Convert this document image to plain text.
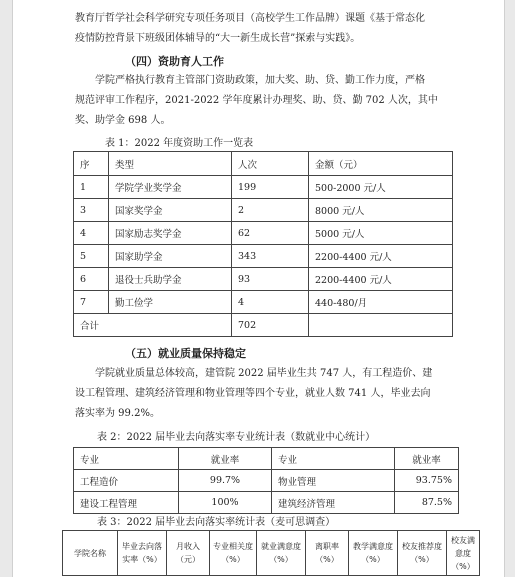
教育厅哲学社会科学研究专项任务项目（高校学生工作品牌）课题《基于常态化
疫情防控背景下班级团体辅导的“大一新生成长营”探索与实践》。
（四）资助育人工作
学院严格执行教育主管部门资助政策，加大奖、助、贷、勤工作力度，严格
规范评审工作程序，2021-2022 学年度累计办理奖、助、贷、勤 702 人次，其中
奖、助学金 698 人。
表 1：2022 年度资助工作一览表
序	类型	人次	金额（元）
1	学院学业奖学金	199	500-2000 元/人
3	国家奖学金	2	8000 元/人
4	国家励志奖学金	62	5000 元/人
5	国家助学金	343	2200-4400 元/人
6	退役士兵助学金	93	2200-4400 元/人
7	勤工俭学	4	440-480/月
合计		702	
（五）就业质量保持稳定
学院就业质量总体较高，建管院 2022 届毕业生共 747 人，有工程造价、建
设工程管理、建筑经济管理和物业管理等四个专业，就业人数 741 人，毕业去向
落实率为 99.2%。
表 2：2022 届毕业去向落实率专业统计表（数就业中心统计）
专业	就业率	专业	就业率
工程造价	99.7%	物业管理	93.75%
建设工程管理	100%	建筑经济管理	87.5%
表 3：2022 届毕业去向落实率统计表（麦可思调查）
学院名称	毕业去向落实率（%）	月收入（元）	专业相关度（%）	就业满意度（%）	离职率（%）	教学满意度（%）	校友推荐度（%）	校友满意度（%）
